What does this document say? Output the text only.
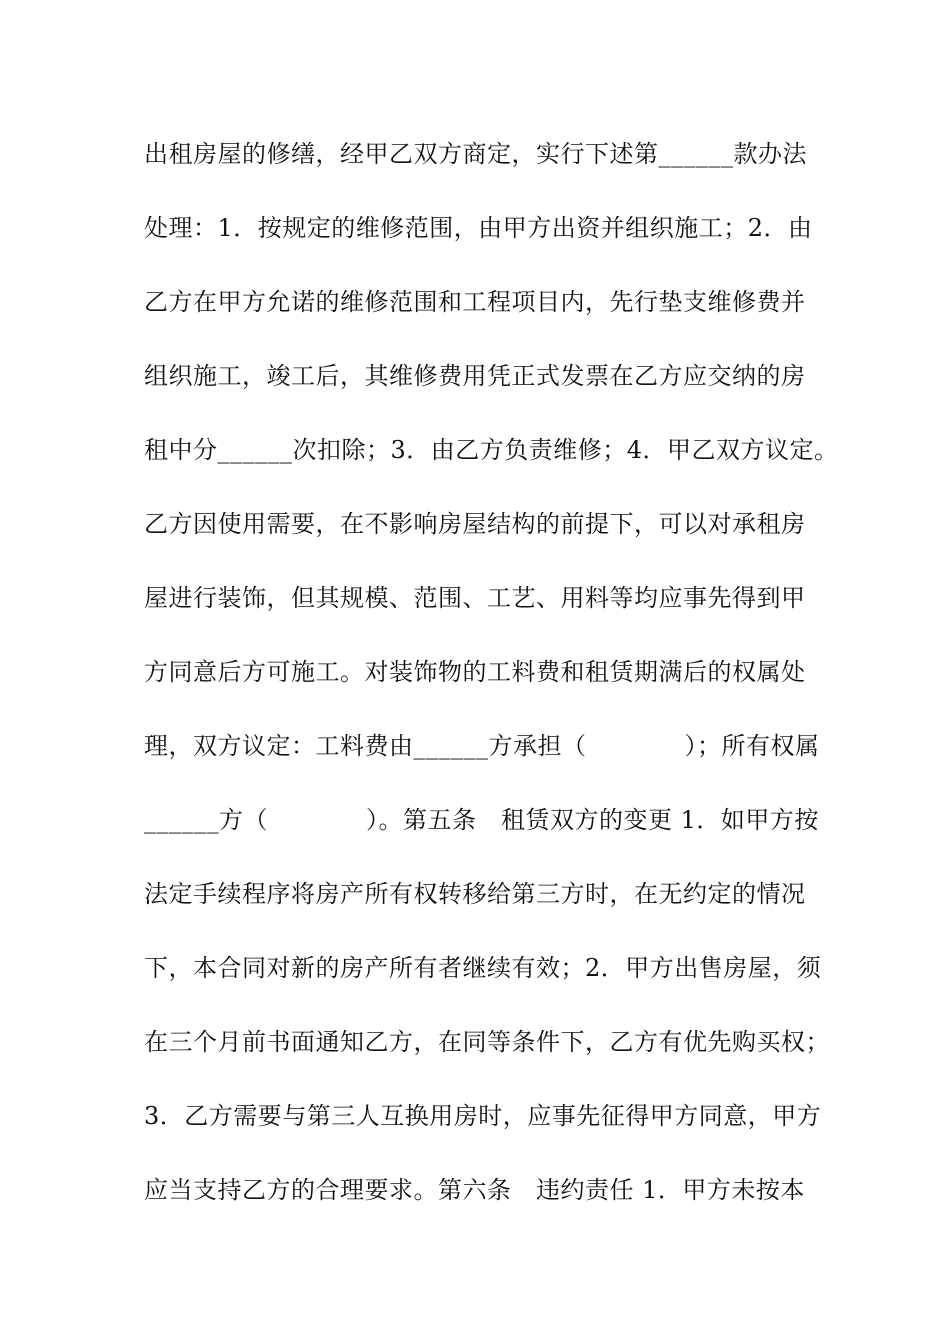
出租房屋的修缮，经甲乙双方商定，实行下述第______款办法
处理：1．按规定的维修范围，由甲方出资并组织施工；2．由
乙方在甲方允诺的维修范围和工程项目内，先行垫支维修费并
组织施工，竣工后，其维修费用凭正式发票在乙方应交纳的房
租中分______次扣除；3．由乙方负责维修；4．甲乙双方议定。
乙方因使用需要，在不影响房屋结构的前提下，可以对承租房
屋进行装饰，但其规模、范围、工艺、用料等均应事先得到甲
方同意后方可施工。对装饰物的工料费和租赁期满后的权属处
理，双方议定：工料费由______方承担（　　　　）；所有权属
______方（　　　　）。第五条　租赁双方的变更 1．如甲方按
法定手续程序将房产所有权转移给第三方时，在无约定的情况
下，本合同对新的房产所有者继续有效；2．甲方出售房屋，须
在三个月前书面通知乙方，在同等条件下，乙方有优先购买权；
3．乙方需要与第三人互换用房时，应事先征得甲方同意，甲方
应当支持乙方的合理要求。第六条　违约责任 1．甲方未按本
